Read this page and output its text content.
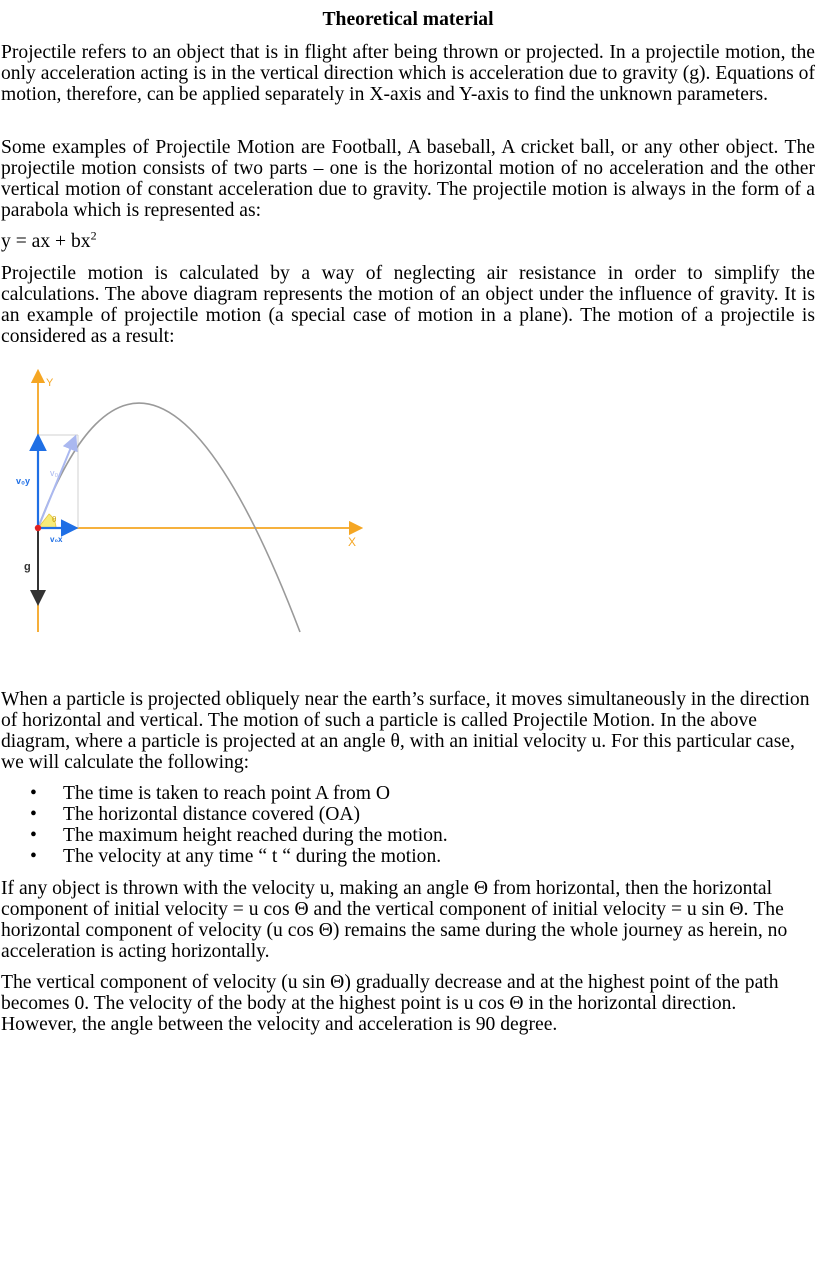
Theoretical material

Projectile refers to an object that is in flight after being thrown or projected. In a projectile motion, the only acceleration acting is in the vertical direction which is acceleration due to gravity (g). Equations of motion, therefore, can be applied separately in X-axis and Y-axis to find the unknown parameters.

Some examples of Projectile Motion are Football, A baseball, A cricket ball, or any other object. The projectile motion consists of two parts – one is the horizontal motion of no acceleration and the other vertical motion of constant acceleration due to gravity. The projectile motion is always in the form of a parabola which is represented as:

y = ax + $bx^2$

Projectile motion is calculated by a way of neglecting air resistance in order to simplify the calculations. The above diagram represents the motion of an object under the influence of gravity. It is an example of projectile motion (a special case of motion in a plane). The motion of a projectile is considered as a result:

Y
X
θ
v₀
v₀y
v₀x
g

When a particle is projected obliquely near the earth’s surface, it moves simultaneously in the direction of horizontal and vertical. The motion of such a particle is called Projectile Motion. In the above diagram, where a particle is projected at an angle θ, with an initial velocity u. For this particular case, we will calculate the following:

• The time is taken to reach point A from O
• The horizontal distance covered (OA)
• The maximum height reached during the motion.
• The velocity at any time “ t “ during the motion.

If any object is thrown with the velocity u, making an angle Θ from horizontal, then the horizontal component of initial velocity = u cos Θ and the vertical component of initial velocity = u sin Θ. The horizontal component of velocity (u cos Θ) remains the same during the whole journey as herein, no acceleration is acting horizontally.

The vertical component of velocity (u sin Θ) gradually decrease and at the highest point of the path becomes 0. The velocity of the body at the highest point is u cos Θ in the horizontal direction. However, the angle between the velocity and acceleration is 90 degree.
